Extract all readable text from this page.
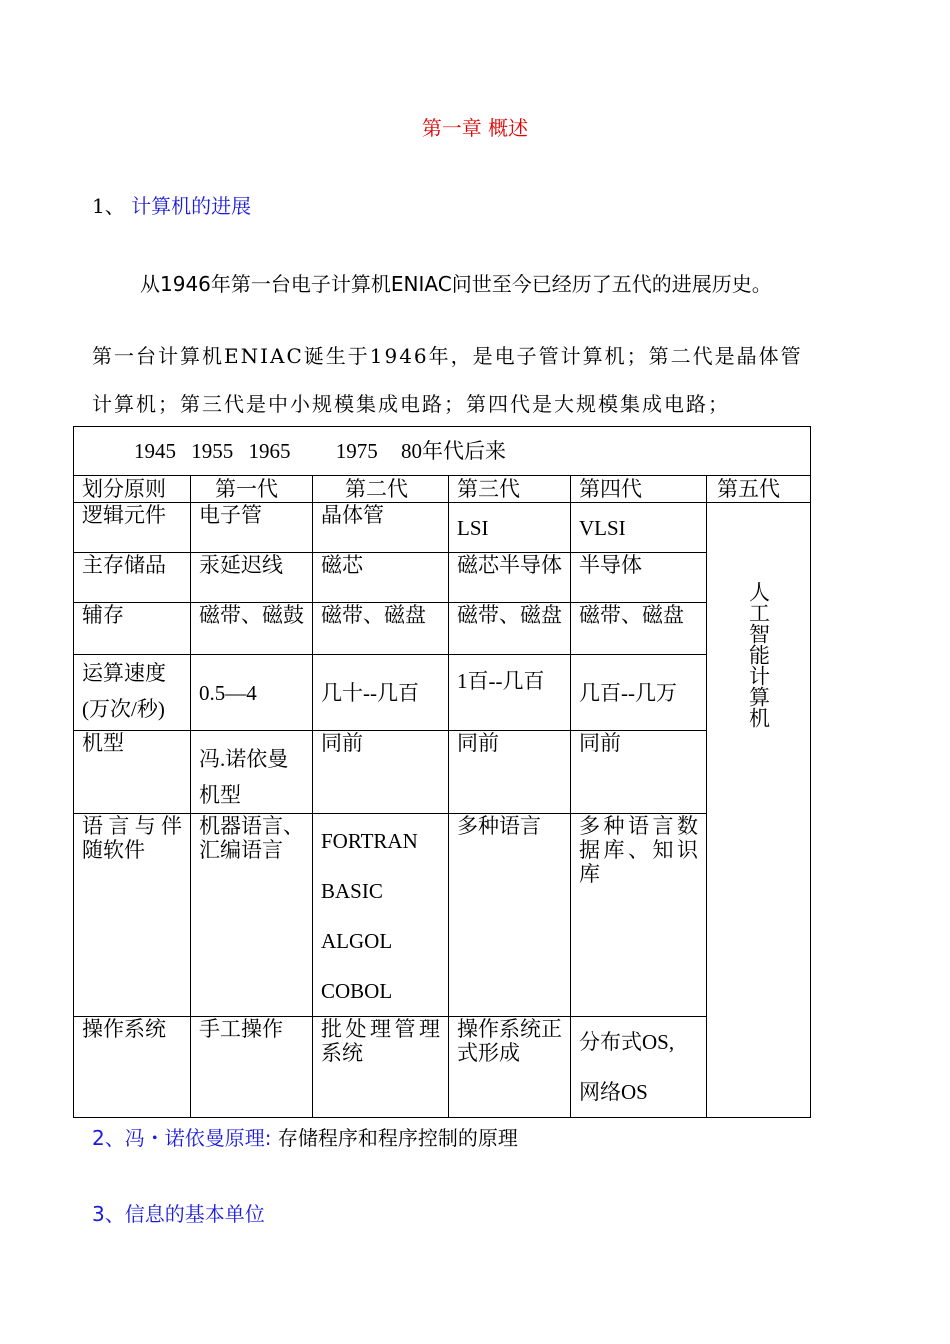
第一章 概述
1、 计算机的进展
从1946年第一台电子计算机ENIAC问世至今已经历了五代的进展历史。
第一台计算机ENIAC诞生于1946年，是电子管计算机；第二代是晶体管
计算机；第三代是中小规模集成电路；第四代是大规模集成电路；
1945 1955 1965 1975 80年代后来					
划分原则	第一代	第二代	第三代	第四代	第五代
逻辑元件	电子管	晶体管	LSI	VLSI	人工智能计算机
主存储品	汞延迟线	磁芯	磁芯半导体	半导体	
辅存	磁带、磁鼓	磁带、磁盘	磁带、磁盘	磁带、磁盘	
运算速度(万次/秒)	0.5—4	几十--几百	1百--几百	几百--几万	
机型	冯.诺依曼机型	同前	同前	同前	
语言与伴随软件	机器语言、汇编语言	FORTRAN
BASIC
ALGOL
COBOL	多种语言	多种语言数据库、知识库	
操作系统	手工操作	批处理管理系统	操作系统正式形成	分布式OS,
网络OS	
2、冯・诺依曼原理: 存储程序和程序控制的原理
3、信息的基本单位
